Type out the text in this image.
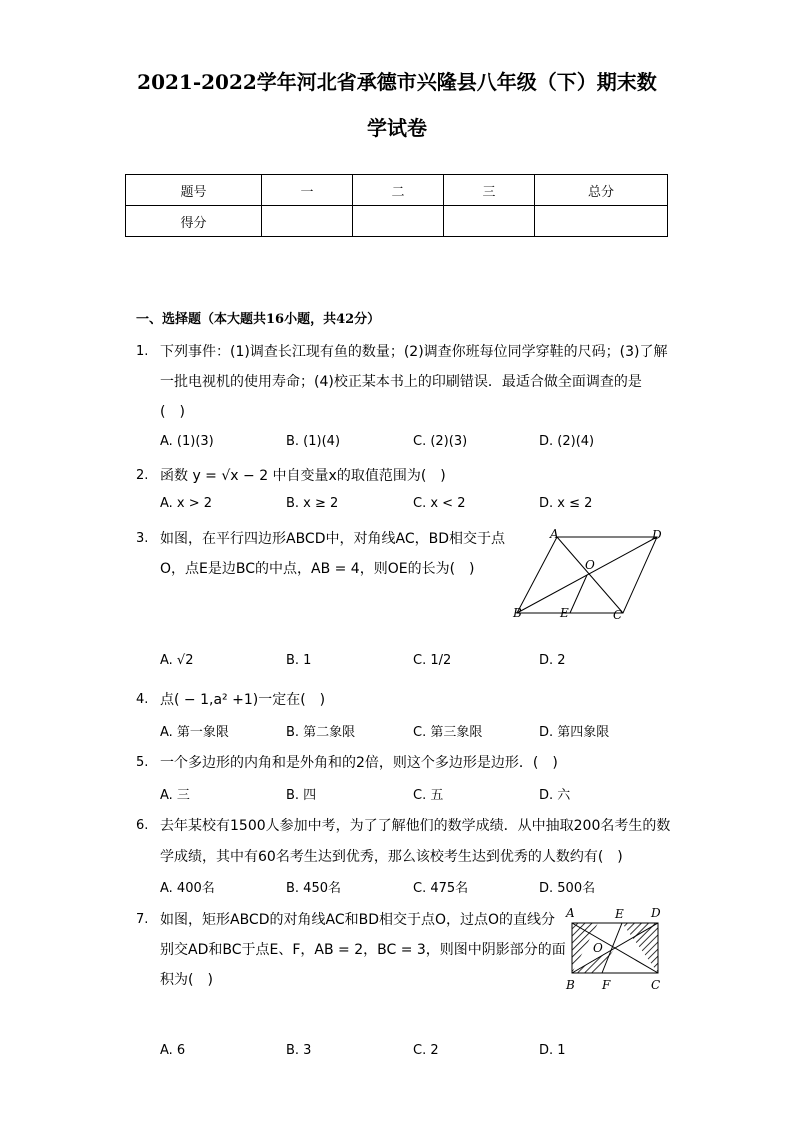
2021-2022学年河北省承德市兴隆县八年级（下）期末数
学试卷
题号	一	二	三	总分
得分				
一、选择题（本大题共16小题，共42分）
1. 下列事件：(1)调查长江现有鱼的数量；(2)调查你班每位同学穿鞋的尺码；(3)了解
一批电视机的使用寿命；(4)校正某本书上的印刷错误．最适合做全面调查的是
(　)
A. (1)(3)	B. (1)(4)	C. (2)(3)	D. (2)(4)
2. 函数 y = √x − 2 中自变量x的取值范围为(　)
A. x > 2	B. x ≥ 2	C. x < 2	D. x ≤ 2
3. 如图，在平行四边形ABCD中，对角线AC，BD相交于点
O，点E是边BC的中点，AB = 4，则OE的长为(　)
A	D
O
B	E	C
A. √2	B. 1	C. 1/2	D. 2
4. 点( − 1,a² +1)一定在(　)
A. 第一象限	B. 第二象限	C. 第三象限	D. 第四象限
5. 一个多边形的内角和是外角和的2倍，则这个多边形是边形．(　)
A. 三	B. 四	C. 五	D. 六
6. 去年某校有1500人参加中考，为了了解他们的数学成绩．从中抽取200名考生的数
学成绩，其中有60名考生达到优秀，那么该校考生达到优秀的人数约有(　)
A. 400名	B. 450名	C. 475名	D. 500名
7. 如图，矩形ABCD的对角线AC和BD相交于点O，过点O的直线分
别交AD和BC于点E、F，AB = 2，BC = 3，则图中阴影部分的面
积为(　)
A	E D
O
B F	C
A. 6	B. 3	C. 2	D. 1
